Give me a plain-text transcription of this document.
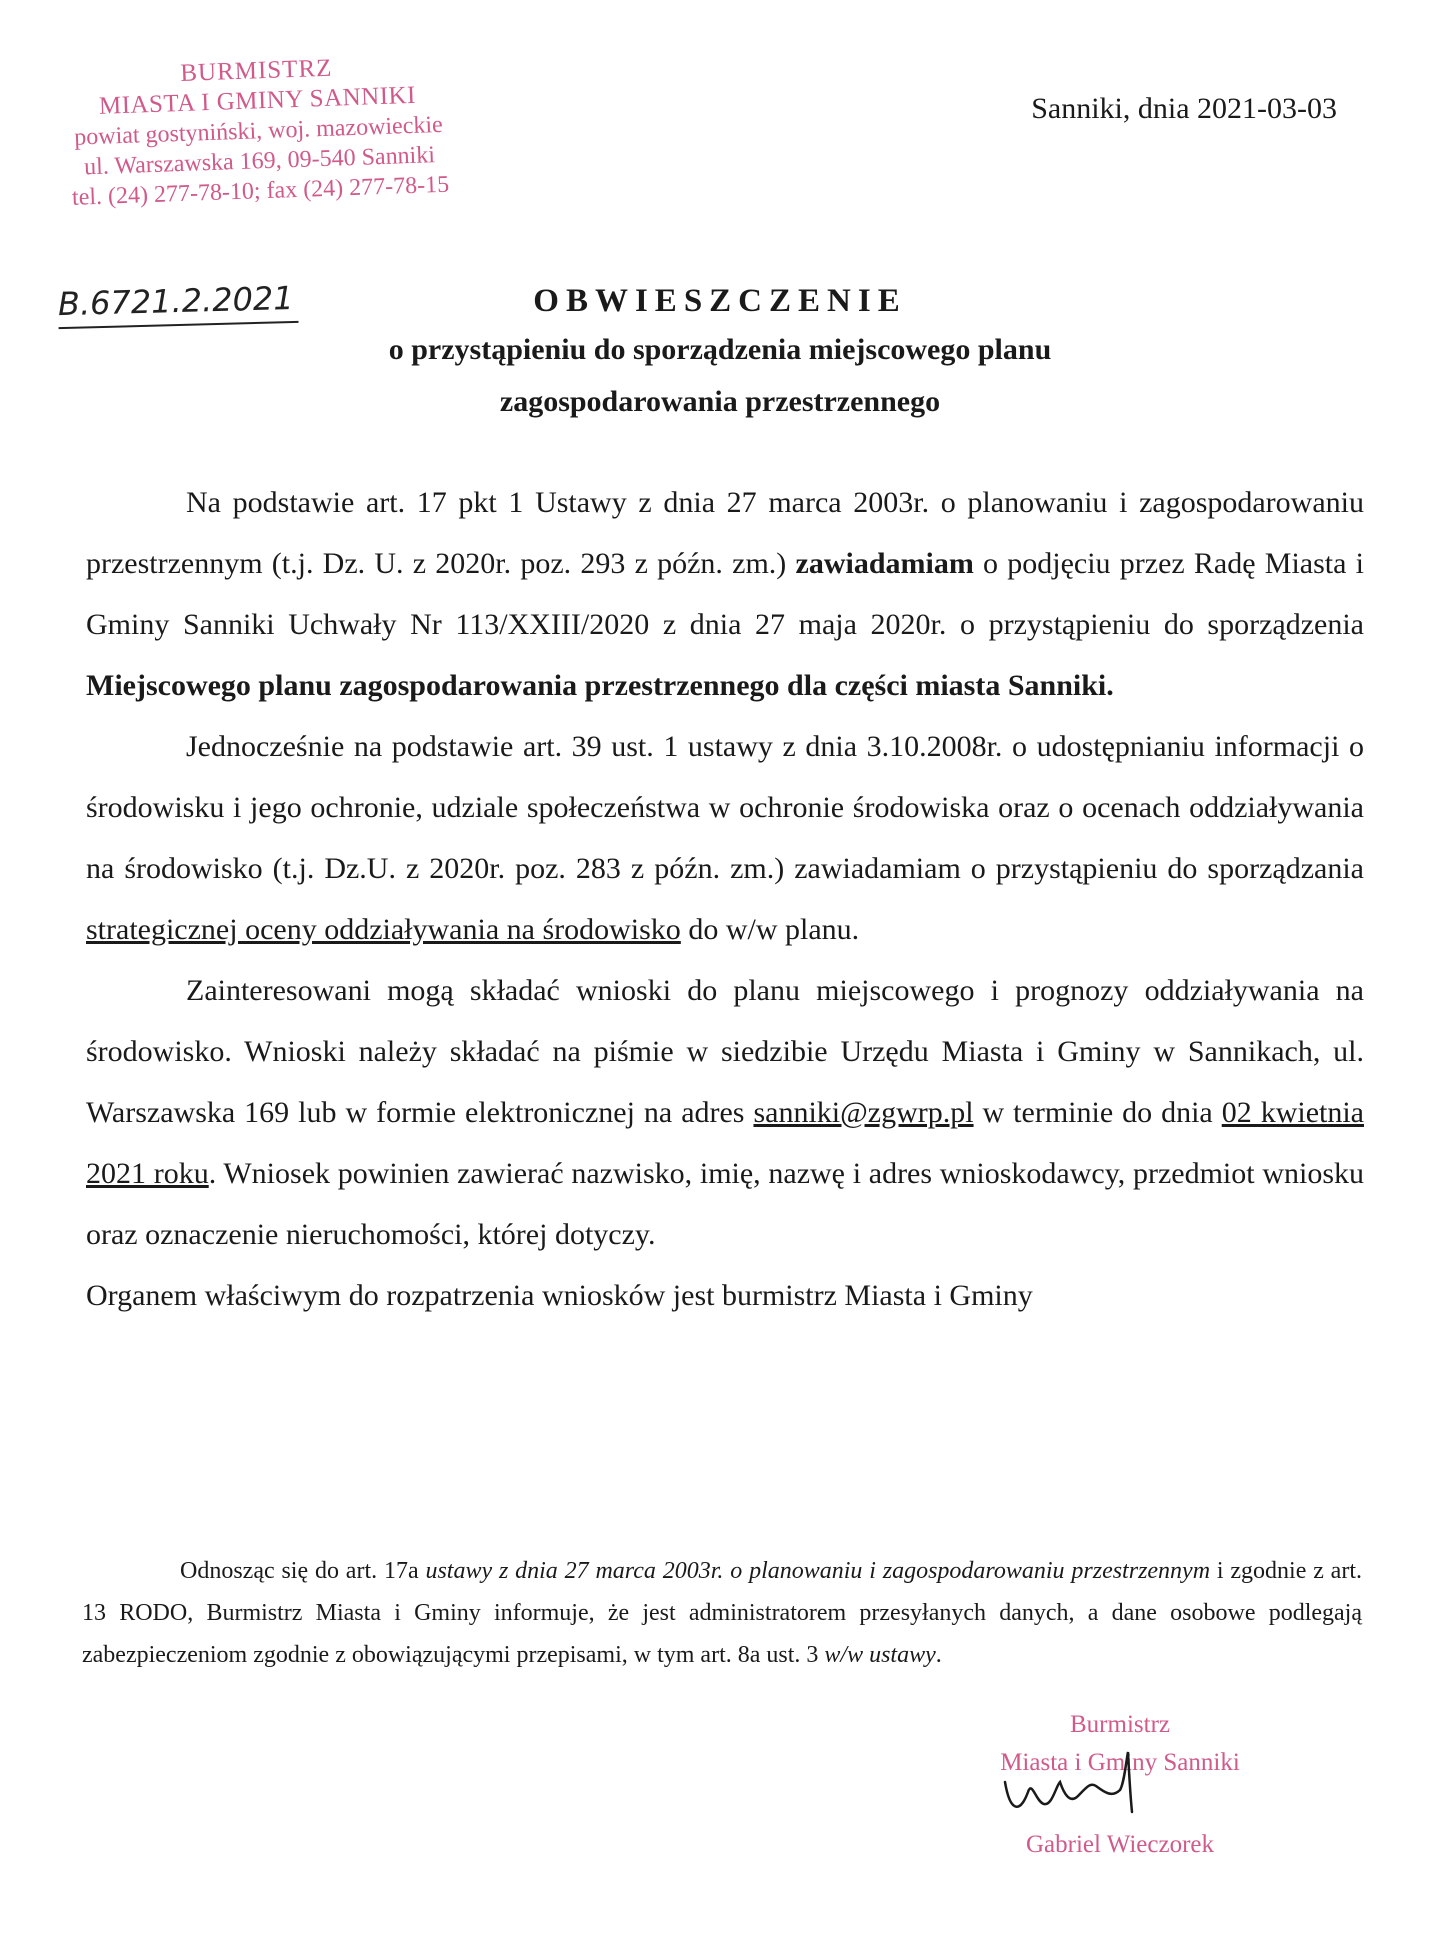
BURMISTRZ
MIASTA I GMINY SANNIKI
powiat gostyniński, woj. mazowieckie
ul. Warszawska 169, 09-540 Sanniki
tel. (24) 277-78-10; fax (24) 277-78-15
Sanniki, dnia 2021-03-03
B.6721.2.2021	OBWIESZCZENIE
o przystąpieniu do sporządzenia miejscowego planu
zagospodarowania przestrzennego

Na podstawie art. 17 pkt 1 Ustawy z dnia 27 marca 2003r. o planowaniu i zagospodarowaniu przestrzennym (t.j. Dz. U. z 2020r. poz. 293 z późn. zm.) zawiadamiam o podjęciu przez Radę Miasta i Gminy Sanniki Uchwały Nr 113/XXIII/2020 z dnia 27 maja 2020r. o przystąpieniu do sporządzenia Miejscowego planu zagospodarowania przestrzennego dla części miasta Sanniki.

Jednocześnie na podstawie art. 39 ust. 1 ustawy z dnia 3.10.2008r. o udostępnianiu informacji o środowisku i jego ochronie, udziale społeczeństwa w ochronie środowiska oraz o ocenach oddziaływania na środowisko (t.j. Dz.U. z 2020r. poz. 283 z późn. zm.) zawiadamiam o przystąpieniu do sporządzania strategicznej oceny oddziaływania na środowisko do w/w planu.

Zainteresowani mogą składać wnioski do planu miejscowego i prognozy oddziaływania na środowisko. Wnioski należy składać na piśmie w siedzibie Urzędu Miasta i Gminy w Sannikach, ul. Warszawska 169 lub w formie elektronicznej na adres sanniki@zgwrp.pl w terminie do dnia 02 kwietnia 2021 roku. Wniosek powinien zawierać nazwisko, imię, nazwę i adres wnioskodawcy, przedmiot wniosku oraz oznaczenie nieruchomości, której dotyczy.

Organem właściwym do rozpatrzenia wniosków jest burmistrz Miasta i Gminy

Odnosząc się do art. 17a ustawy z dnia 27 marca 2003r. o planowaniu i zagospodarowaniu przestrzennym i zgodnie z art. 13 RODO, Burmistrz Miasta i Gminy informuje, że jest administratorem przesyłanych danych, a dane osobowe podlegają zabezpieczeniom zgodnie z obowiązującymi przepisami, w tym art. 8a ust. 3 w/w ustawy.

Burmistrz
Miasta i Gminy Sanniki
Gabriel Wieczorek
